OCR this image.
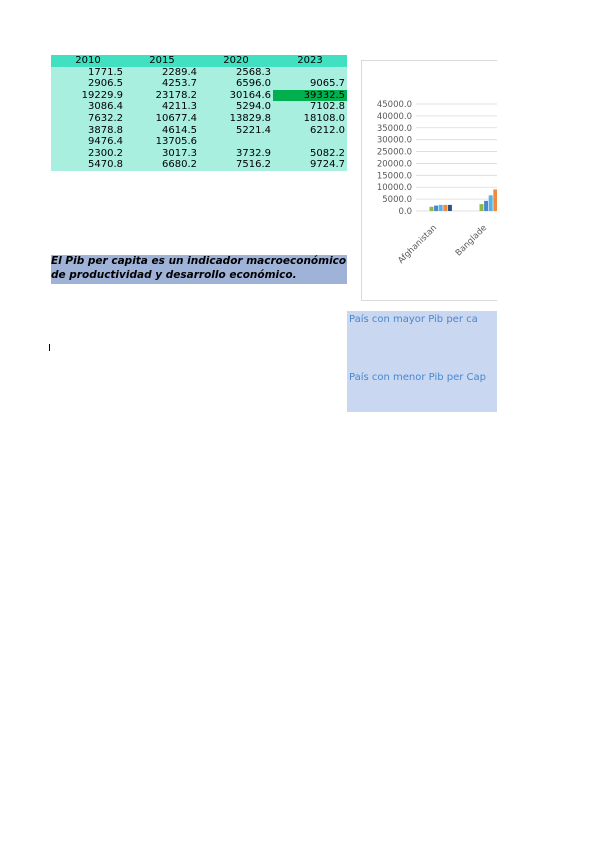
2010	2015	2020	2023
1771.5	2289.4	2568.3	
2906.5	4253.7	6596.0	9065.7
19229.9	23178.2	30164.6	39332.5
3086.4	4211.3	5294.0	7102.8
7632.2	10677.4	13829.8	18108.0
3878.8	4614.5	5221.4	6212.0
9476.4	13705.6		
2300.2	3017.3	3732.9	5082.2
5470.8	6680.2	7516.2	9724.7
El Pib per capita es un indicador macroeconómico
de productividad y desarrollo económico.
45000.0
40000.0
35000.0
30000.0
25000.0
20000.0
15000.0
10000.0
5000.0
0.0
Afghanistan Banglade
País con mayor Pib per ca
País con menor Pib per Cap
